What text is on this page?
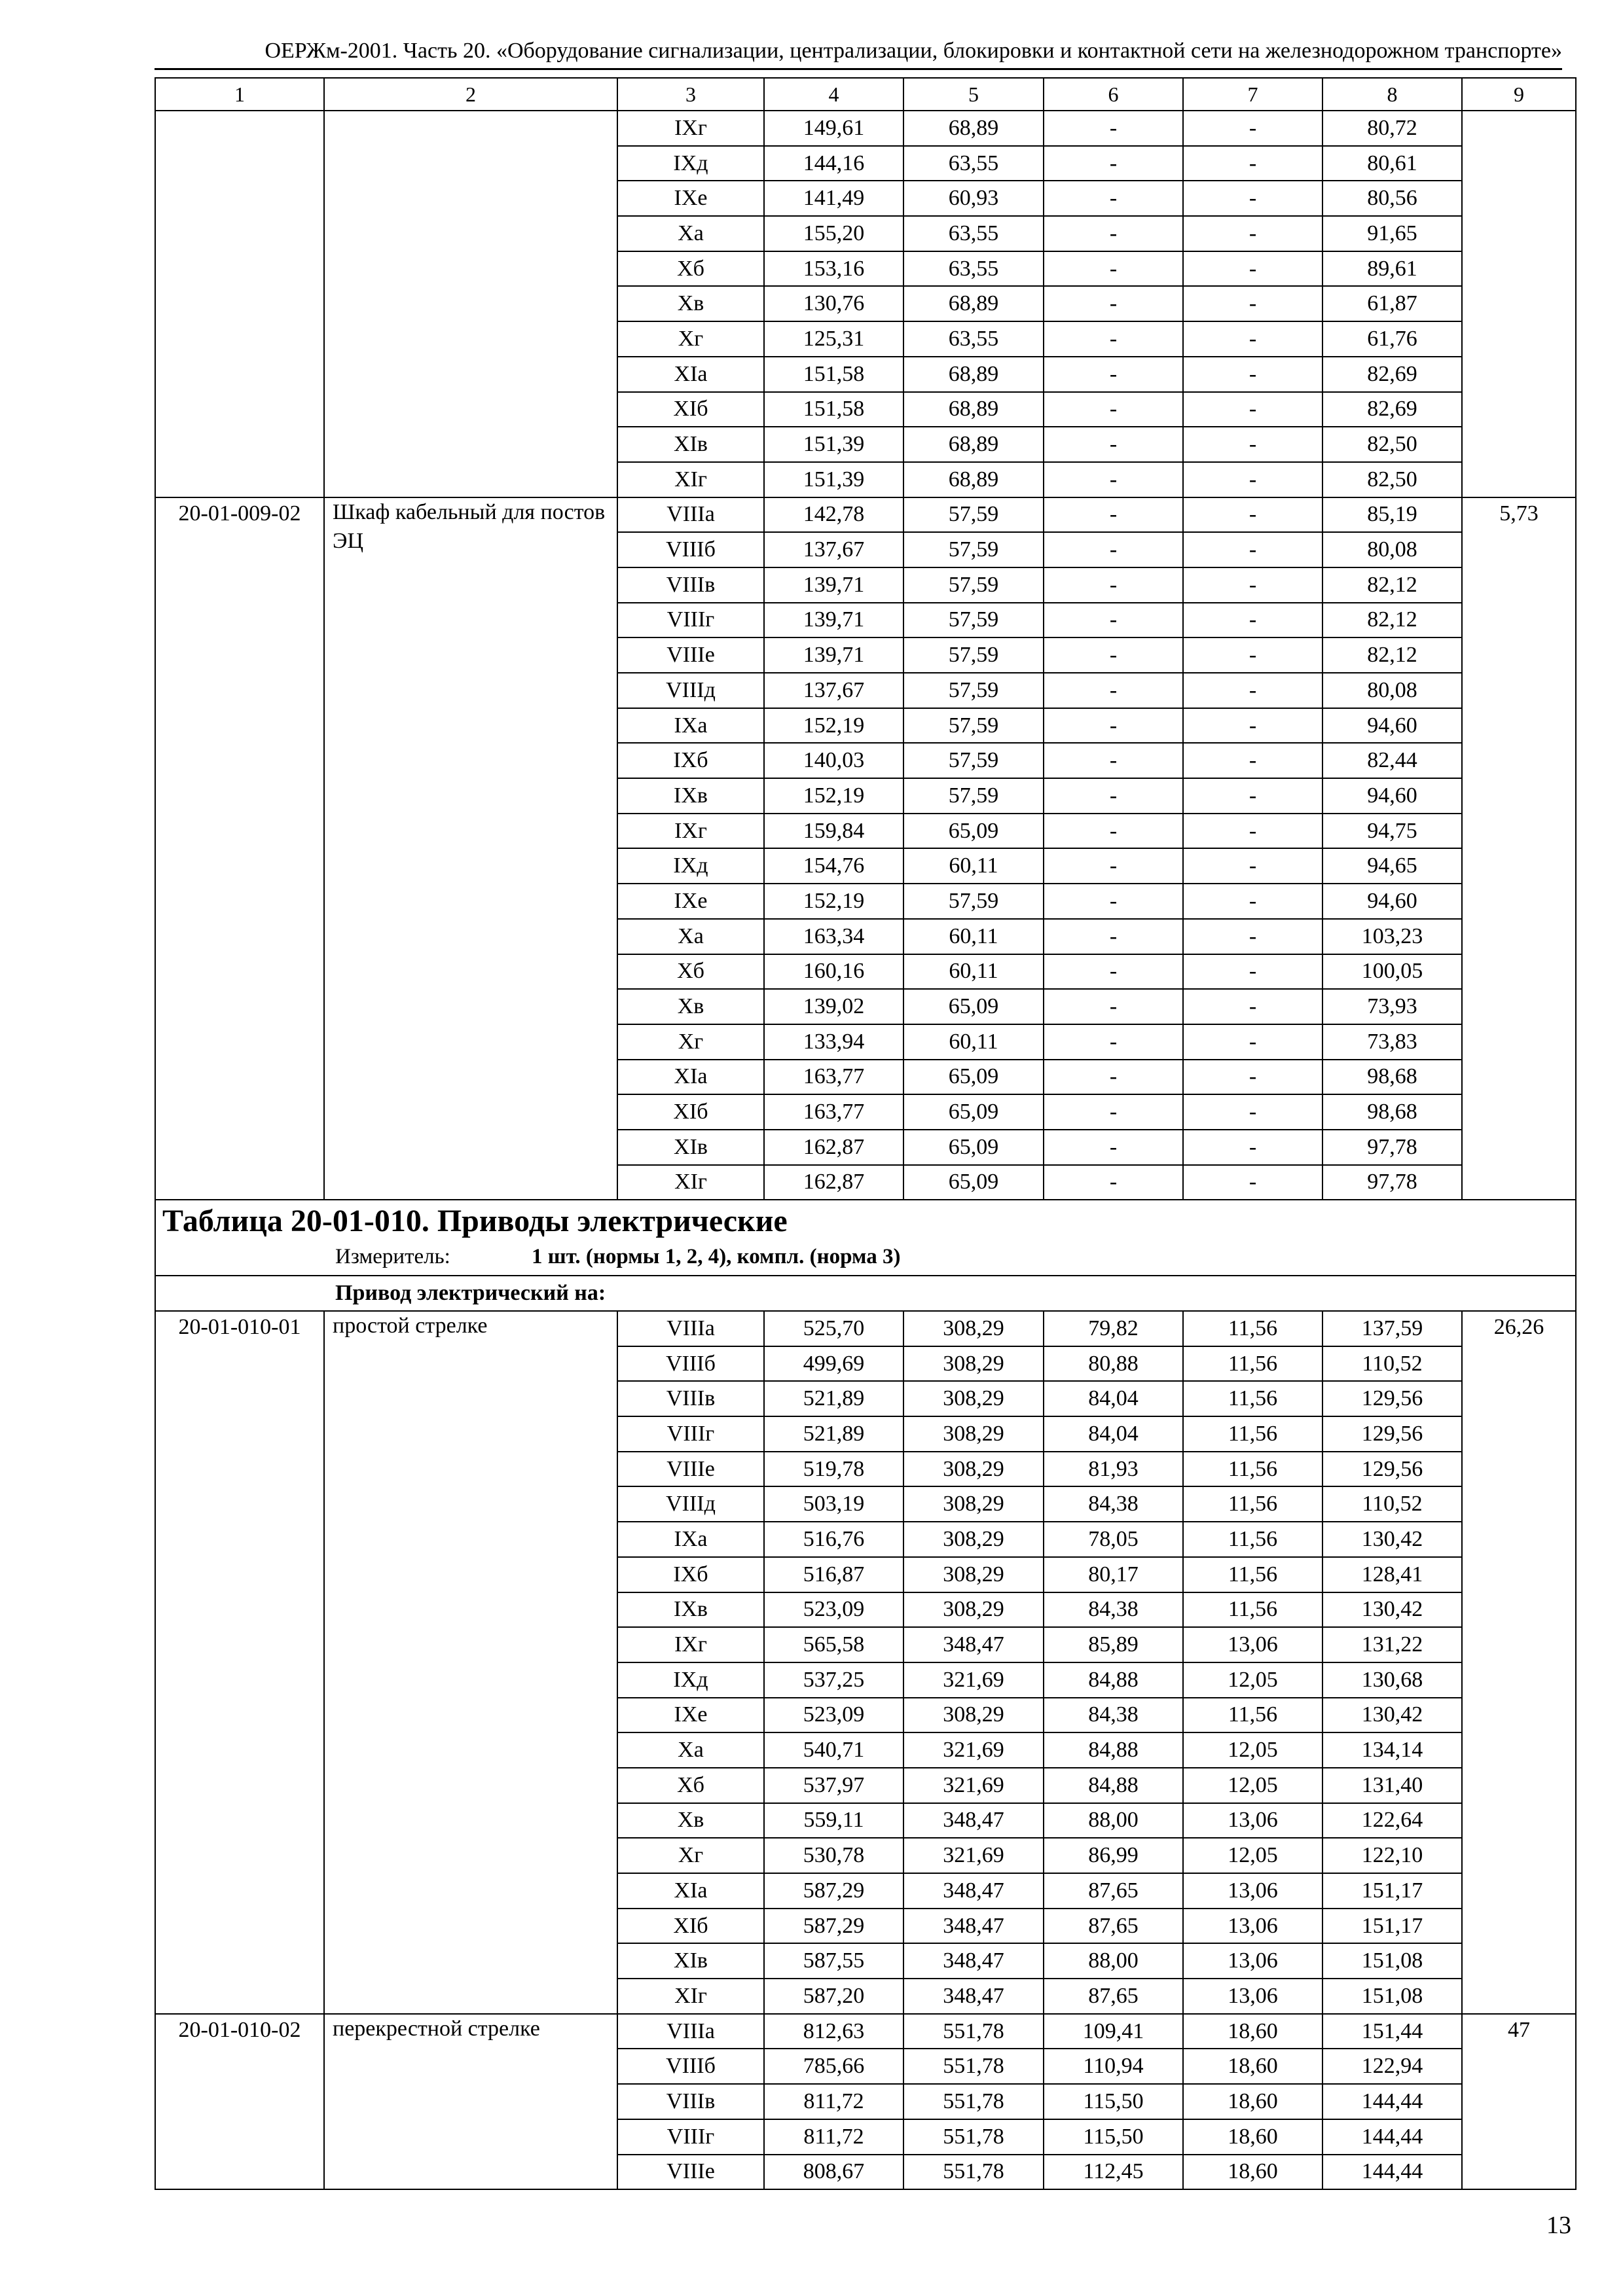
ОЕРЖм-2001. Часть 20. «Оборудование сигнализации, централизации, блокировки и контактной сети на железнодорожном транспорте»
1	2	3	4	5	6	7	8	9
		IXг	149,61	68,89	-	-	80,72	
		IXд	144,16	63,55	-	-	80,61	
		IXе	141,49	60,93	-	-	80,56	
		Xа	155,20	63,55	-	-	91,65	
		Xб	153,16	63,55	-	-	89,61	
		Xв	130,76	68,89	-	-	61,87	
		Xг	125,31	63,55	-	-	61,76	
		XIа	151,58	68,89	-	-	82,69	
		XIб	151,58	68,89	-	-	82,69	
		XIв	151,39	68,89	-	-	82,50	
		XIг	151,39	68,89	-	-	82,50	
20-01-009-02	Шкаф кабельный для постов ЭЦ	VIIIа	142,78	57,59	-	-	85,19	5,73
		VIIIб	137,67	57,59	-	-	80,08	
		VIIIв	139,71	57,59	-	-	82,12	
		VIIIг	139,71	57,59	-	-	82,12	
		VIIIе	139,71	57,59	-	-	82,12	
		VIIIд	137,67	57,59	-	-	80,08	
		IXа	152,19	57,59	-	-	94,60	
		IXб	140,03	57,59	-	-	82,44	
		IXв	152,19	57,59	-	-	94,60	
		IXг	159,84	65,09	-	-	94,75	
		IXд	154,76	60,11	-	-	94,65	
		IXе	152,19	57,59	-	-	94,60	
		Xа	163,34	60,11	-	-	103,23	
		Xб	160,16	60,11	-	-	100,05	
		Xв	139,02	65,09	-	-	73,93	
		Xг	133,94	60,11	-	-	73,83	
		XIа	163,77	65,09	-	-	98,68	
		XIб	163,77	65,09	-	-	98,68	
		XIв	162,87	65,09	-	-	97,78	
		XIг	162,87	65,09	-	-	97,78	

Таблица 20-01-010. Приводы электрические
Измеритель: 1 шт. (нормы 1, 2, 4), компл. (норма 3)								

Привод электрический на:								
20-01-010-01	простой стрелке	VIIIа	525,70	308,29	79,82	11,56	137,59	26,26
		VIIIб	499,69	308,29	80,88	11,56	110,52	
		VIIIв	521,89	308,29	84,04	11,56	129,56	
		VIIIг	521,89	308,29	84,04	11,56	129,56	
		VIIIе	519,78	308,29	81,93	11,56	129,56	
		VIIIд	503,19	308,29	84,38	11,56	110,52	
		IXа	516,76	308,29	78,05	11,56	130,42	
		IXб	516,87	308,29	80,17	11,56	128,41	
		IXв	523,09	308,29	84,38	11,56	130,42	
		IXг	565,58	348,47	85,89	13,06	131,22	
		IXд	537,25	321,69	84,88	12,05	130,68	
		IXе	523,09	308,29	84,38	11,56	130,42	
		Xа	540,71	321,69	84,88	12,05	134,14	
		Xб	537,97	321,69	84,88	12,05	131,40	
		Xв	559,11	348,47	88,00	13,06	122,64	
		Xг	530,78	321,69	86,99	12,05	122,10	
		XIа	587,29	348,47	87,65	13,06	151,17	
		XIб	587,29	348,47	87,65	13,06	151,17	
		XIв	587,55	348,47	88,00	13,06	151,08	
		XIг	587,20	348,47	87,65	13,06	151,08	
20-01-010-02	перекрестной стрелке	VIIIа	812,63	551,78	109,41	18,60	151,44	47
		VIIIб	785,66	551,78	110,94	18,60	122,94	
		VIIIв	811,72	551,78	115,50	18,60	144,44	
		VIIIг	811,72	551,78	115,50	18,60	144,44	
		VIIIе	808,67	551,78	112,45	18,60	144,44	
13
